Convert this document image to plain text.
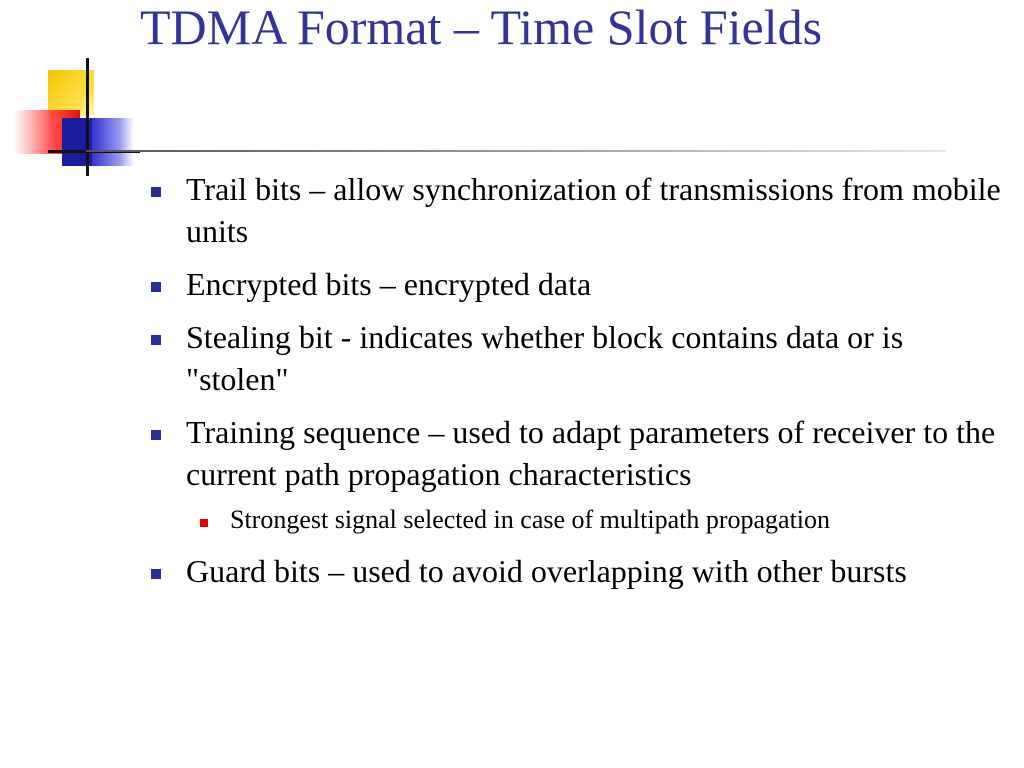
TDMA Format – Time Slot Fields
Trail bits – allow synchronization of transmissions from mobile units
Encrypted bits – encrypted data
Stealing bit - indicates whether block contains data or is "stolen"
Training sequence – used to adapt parameters of receiver to the current path propagation characteristics
Strongest signal selected in case of multipath propagation
Guard bits – used to avoid overlapping with other bursts
